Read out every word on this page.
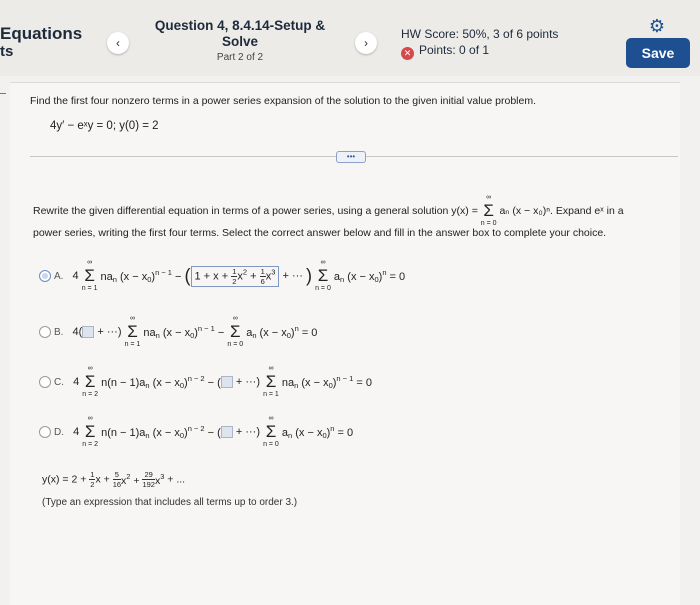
Equations
ts	‹
Question 4, 8.4.14-Setup & Solve
Part 2 of 2
›
HW Score: 50%, 3 of 6 points
✕ Points: 0 of 1
⚙
Save
Find the first four nonzero terms in a power series expansion of the solution to the given initial value problem.
4y′ − eˣy = 0; y(0) = 2
•••
Rewrite the given differential equation in terms of a power series, using a general solution y(x) =
∞
Σ
n = 0
aₙ (x − x₀)ⁿ. Expand eˣ in a
power series, writing the first four terms. Select the correct answer below and fill in the answer box to complete your choice.
A. 4
∞
Σ
n = 1
$na_n$ $(x - x_0)^{n - 1}$ − ( $1 + x + \frac{1}{2} x^2 + \frac{1}{6} x^3$ + ··· )
∞
Σ
n = 0
$a_n$ $(x - x_0)^n = 0$
B. 4( + ···)
∞
Σ
n = 1
$na_n$ $(x - x_0)^{n - 1}$ −
∞
Σ
n = 0
$a_n$ $(x - x_0)^n = 0$
C. 4
∞
Σ
n = 2
$n(n - 1)a_n$ $(x - x_0)^{n - 2}$ − ( + ···)
∞
Σ
n = 1
$na_n$ $(x - x_0)^{n - 1} = 0$
D. 4
∞
Σ
n = 2
$n(n - 1)a_n$ $(x - x_0)^{n - 2}$ − ( + ···)
∞
Σ
n = 0
$a_n$ $(x - x_0)^n = 0$
$y(x) = 2 + \frac{1}{2}$ $x + \frac{5}{16} x^2 + \frac{29}{192} x^3$ + ...
(Type an expression that includes all terms up to order 3.)
